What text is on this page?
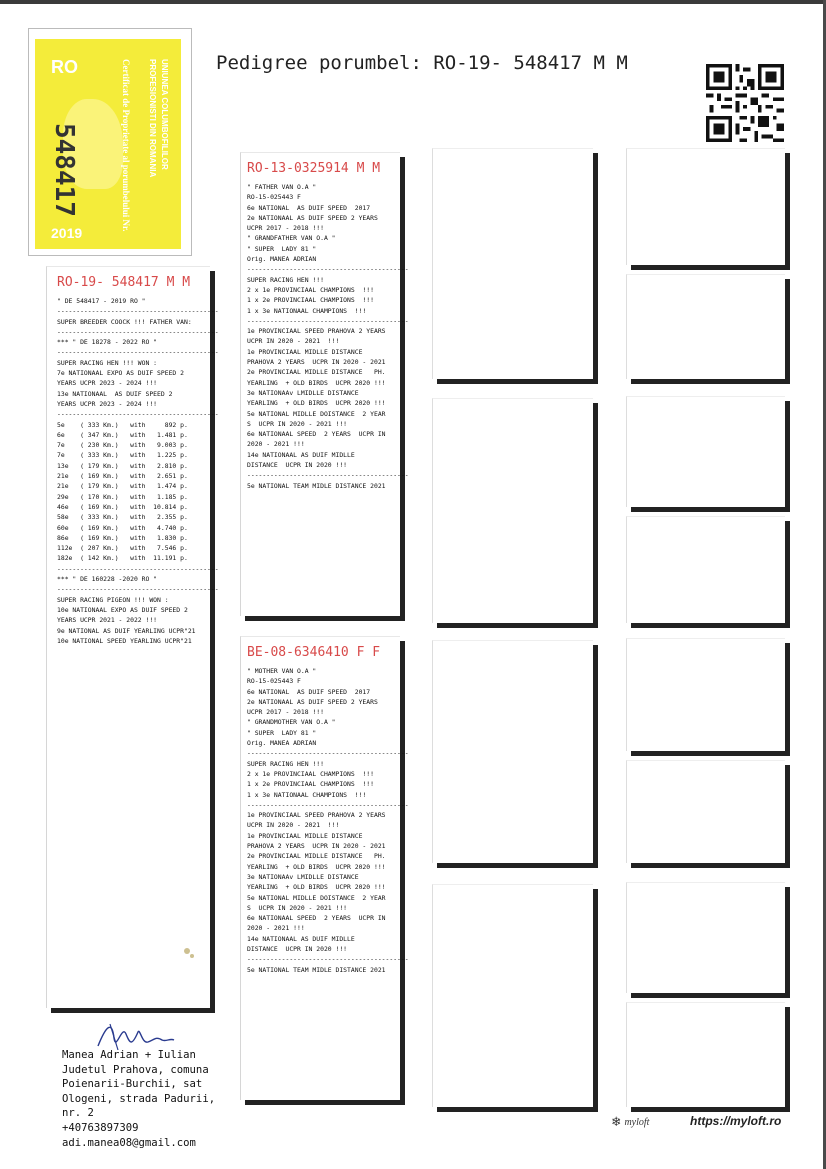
RO
548417	Certificat de Proprietate al porumbelului Nr. PROFESIONISTI DIN ROMANIA UNIUNEA COLUMBOFILILOR
2019
Pedigree porumbel: RO-19- 548417 M M
RO-19- 548417 M M
" DE 548417 - 2019 RO "
------------------------------------------
SUPER BREEDER COOCK !!! FATHER VAN:
------------------------------------------
*** " DE 18278 - 2022 RO "
------------------------------------------
SUPER RACING HEN !!! WON :
7e NATIONAAL EXPO AS DUIF SPEED 2
YEARS UCPR 2023 - 2024 !!!
13e NATIONAAL  AS DUIF SPEED 2
YEARS UCPR 2023 - 2024 !!!
------------------------------------------
5e    ( 333 Km.)   with     892 p.
6e    ( 347 Km.)   with   1.481 p.
7e    ( 230 Km.)   with   9.003 p.
7e    ( 333 Km.)   with   1.225 p.
13e   ( 179 Km.)   with   2.810 p.
21e   ( 169 Km.)   with   2.651 p.
21e   ( 179 Km.)   with   1.474 p.
29e   ( 170 Km.)   with   1.185 p.
46e   ( 169 Km.)   with  10.814 p.
58e   ( 333 Km.)   with   2.355 p.
60e   ( 169 Km.)   with   4.740 p.
86e   ( 169 Km.)   with   1.830 p.
112e  ( 207 Km.)   with   7.546 p.
182e  ( 142 Km.)   with  11.191 p.
------------------------------------------
*** " DE 160228 -2020 RO "
------------------------------------------
SUPER RACING PIGEON !!! WON :
10e NATIONAAL EXPO AS DUIF SPEED 2
YEARS UCPR 2021 - 2022 !!!
9e NATIONAL AS DUIF YEARLING UCPR"21
10e NATIONAL SPEED YEARLING UCPR"21
RO-13-0325914 M M
" FATHER VAN O.A "
RO-15-025443 F
6e NATIONAL  AS DUIF SPEED  2017
2e NATIONAAL AS DUIF SPEED 2 YEARS
UCPR 2017 - 2018 !!!
" GRANDFATHER VAN O.A "
" SUPER  LADY 81 "
Orig. MANEA ADRIAN
------------------------------------------
SUPER RACING HEN !!!
2 x 1e PROVINCIAAL CHAMPIONS  !!!
1 x 2e PROVINCIAAL CHAMPIONS  !!!
1 x 3e NATIONAAL CHAMPIONS  !!!
------------------------------------------
1e PROVINCIAAL SPEED PRAHOVA 2 YEARS
UCPR IN 2020 - 2021  !!!
1e PROVINCIAAL MIDLLE DISTANCE
PRAHOVA 2 YEARS  UCPR IN 2020 - 2021
2e PROVINCIAAL MIDLLE DISTANCE   PH.
YEARLING  + OLD BIRDS  UCPR 2020 !!!
3e NATIONAAv LMIDLLE DISTANCE
YEARLING  + OLD BIRDS  UCPR 2020 !!!
5e NATIONAL MIDLLE DOISTANCE  2 YEAR
S  UCPR IN 2020 - 2021 !!!
6e NATIONAAL SPEED  2 YEARS  UCPR IN
2020 - 2021 !!!
14e NATIONAAL AS DUIF MIDLLE
DISTANCE  UCPR IN 2020 !!!
------------------------------------------
5e NATIONAL TEAM MIDLE DISTANCE 2021
BE-08-6346410 F F
" MOTHER VAN O.A "
RO-15-025443 F
6e NATIONAL  AS DUIF SPEED  2017
2e NATIONAAL AS DUIF SPEED 2 YEARS
UCPR 2017 - 2018 !!!
" GRANDMOTHER VAN O.A "
" SUPER  LADY 81 "
Orig. MANEA ADRIAN
------------------------------------------
SUPER RACING HEN !!!
2 x 1e PROVINCIAAL CHAMPIONS  !!!
1 x 2e PROVINCIAAL CHAMPIONS  !!!
1 x 3e NATIONAAL CHAMPIONS  !!!
------------------------------------------
1e PROVINCIAAL SPEED PRAHOVA 2 YEARS
UCPR IN 2020 - 2021  !!!
1e PROVINCIAAL MIDLLE DISTANCE
PRAHOVA 2 YEARS  UCPR IN 2020 - 2021
2e PROVINCIAAL MIDLLE DISTANCE   PH.
YEARLING  + OLD BIRDS  UCPR 2020 !!!
3e NATIONAAv LMIDLLE DISTANCE
YEARLING  + OLD BIRDS  UCPR 2020 !!!
5e NATIONAL MIDLLE DOISTANCE  2 YEAR
S  UCPR IN 2020 - 2021 !!!
6e NATIONAAL SPEED  2 YEARS  UCPR IN
2020 - 2021 !!!
14e NATIONAAL AS DUIF MIDLLE
DISTANCE  UCPR IN 2020 !!!
------------------------------------------
5e NATIONAL TEAM MIDLE DISTANCE 2021
Manea Adrian + Iulian
Judetul Prahova, comuna
Poienarii-Burchii, sat
Ologeni, strada Padurii,
nr. 2
+40763897309
adi.manea08@gmail.com
❄ myloft	https://myloft.ro
